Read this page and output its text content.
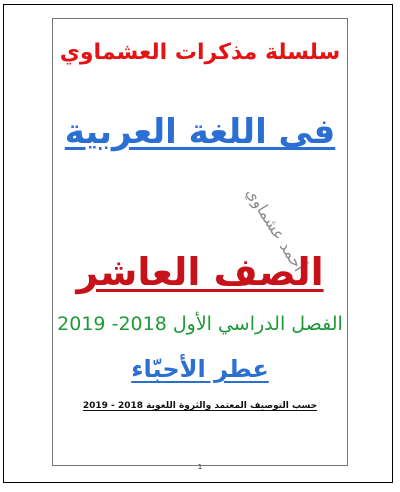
سلسلة مذكرات العشماوي
فى اللغة العربية
أحمد عشماوي
الصف العاشر
الفصل الدراسي الأول 2018- 2019
عطر الأحبّاء
حسب التوصيف المعتمد والثروة اللغوية 2018 - 2019
1
